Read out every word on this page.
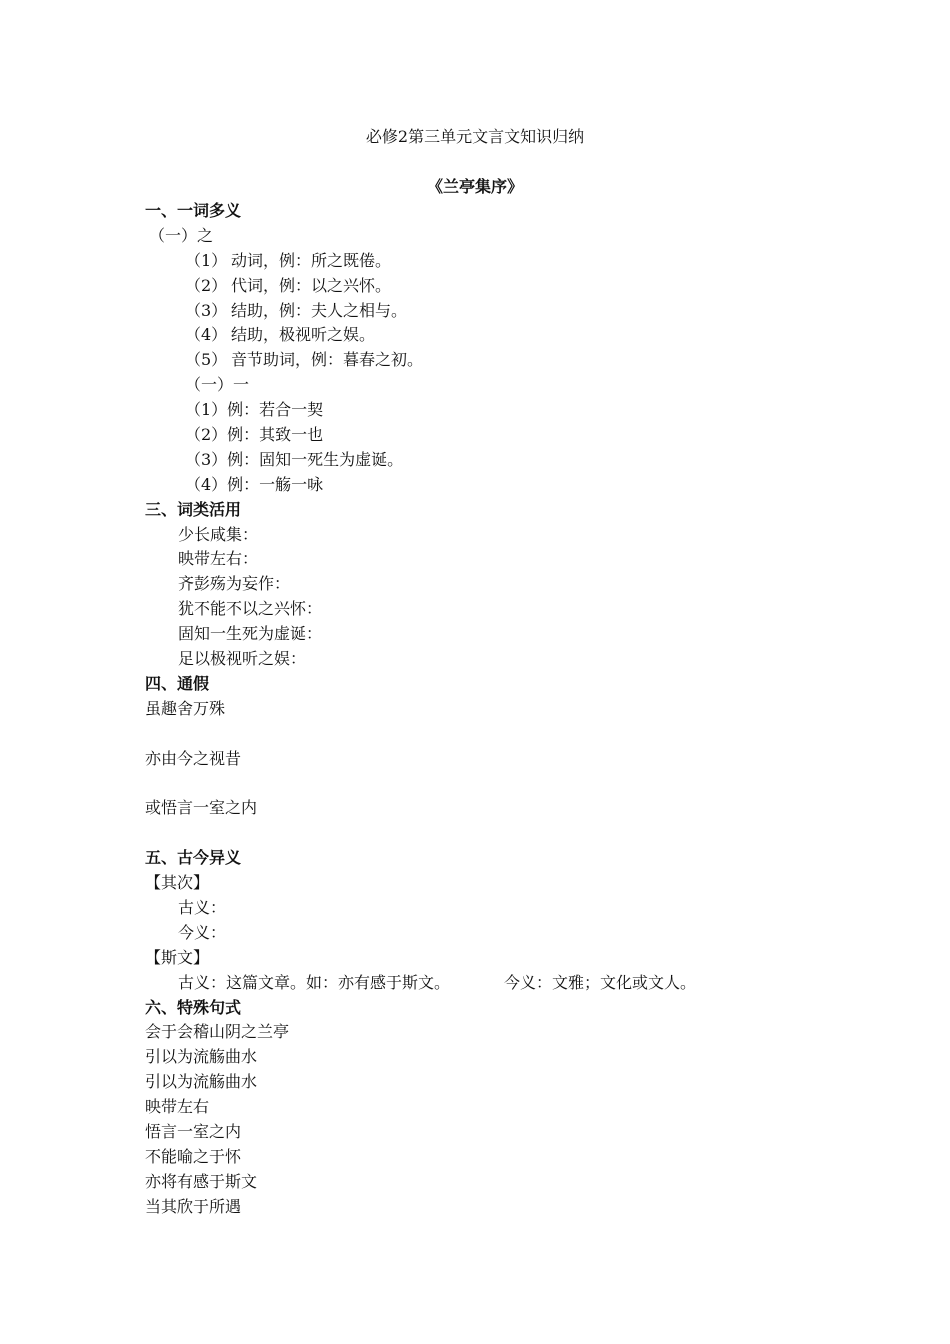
必修2第三单元文言文知识归纳
《兰亭集序》
一、一词多义
（一）之
（1） 动词，例：所之既倦。
（2） 代词，例：以之兴怀。
（3） 结助，例：夫人之相与。
（4） 结助，极视听之娱。
（5） 音节助词，例：暮春之初。
（一）一
（1）例：若合一契
（2）例：其致一也
（3）例：固知一死生为虚诞。
（4）例：一觞一咏
三、词类活用
少长咸集：
映带左右：
齐彭殇为妄作：
犹不能不以之兴怀：
固知一生死为虚诞：
足以极视听之娱：
四、通假
虽趣舍万殊
亦由今之视昔
或悟言一室之内
五、古今异义
【其次】
古义：
今义：
【斯文】
古义：这篇文章。如：亦有感于斯文。	今义：文雅；文化或文人。
六、特殊句式
会于会稽山阴之兰亭
引以为流觞曲水
引以为流觞曲水
映带左右
悟言一室之内
不能喻之于怀
亦将有感于斯文
当其欣于所遇
